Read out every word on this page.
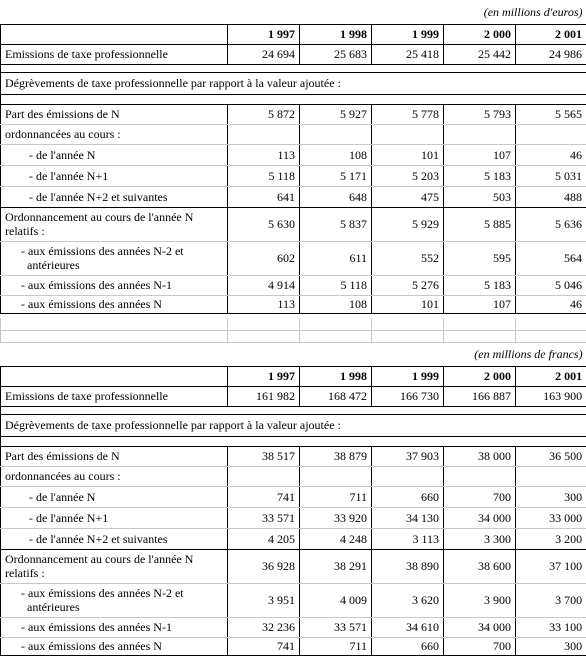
(en millions d'euros)					
	1 997	1 998	1 999	2 000	2 001
Emissions de taxe professionnelle	24 694	25 683	25 418	25 442	24 986

Dégrèvements de taxe professionnelle par rapport à la valeur ajoutée :					

Part des émissions de N	5 872	5 927	5 778	5 793	5 565
ordonnancées au cours :					
- de l'année N	113	108	101	107	46
- de l'année N+1	5 118	5 171	5 203	5 183	5 031
- de l'année N+2 et suivantes	641	648	475	503	488

Ordonnancement au cours de l'année N
relatifs :	5 630	5 837	5 929	5 885	5 636

- aux émissions des années N-2 et
antérieures	602	611	552	595	564
- aux émissions des années N-1	4 914	5 118	5 276	5 183	5 046
- aux émissions des années N	113	108	101	107	46

(en millions de francs)					
	1 997	1 998	1 999	2 000	2 001
Emissions de taxe professionnelle	161 982	168 472	166 730	166 887	163 900

Dégrèvements de taxe professionnelle par rapport à la valeur ajoutée :					

Part des émissions de N	38 517	38 879	37 903	38 000	36 500
ordonnancées au cours :					
- de l'année N	741	711	660	700	300
- de l'année N+1	33 571	33 920	34 130	34 000	33 000
- de l'année N+2 et suivantes	4 205	4 248	3 113	3 300	3 200

Ordonnancement au cours de l'année N
relatifs :	36 928	38 291	38 890	38 600	37 100

- aux émissions des années N-2 et
antérieures	3 951	4 009	3 620	3 900	3 700
- aux émissions des années N-1	32 236	33 571	34 610	34 000	33 100
- aux émissions des années N	741	711	660	700	300
